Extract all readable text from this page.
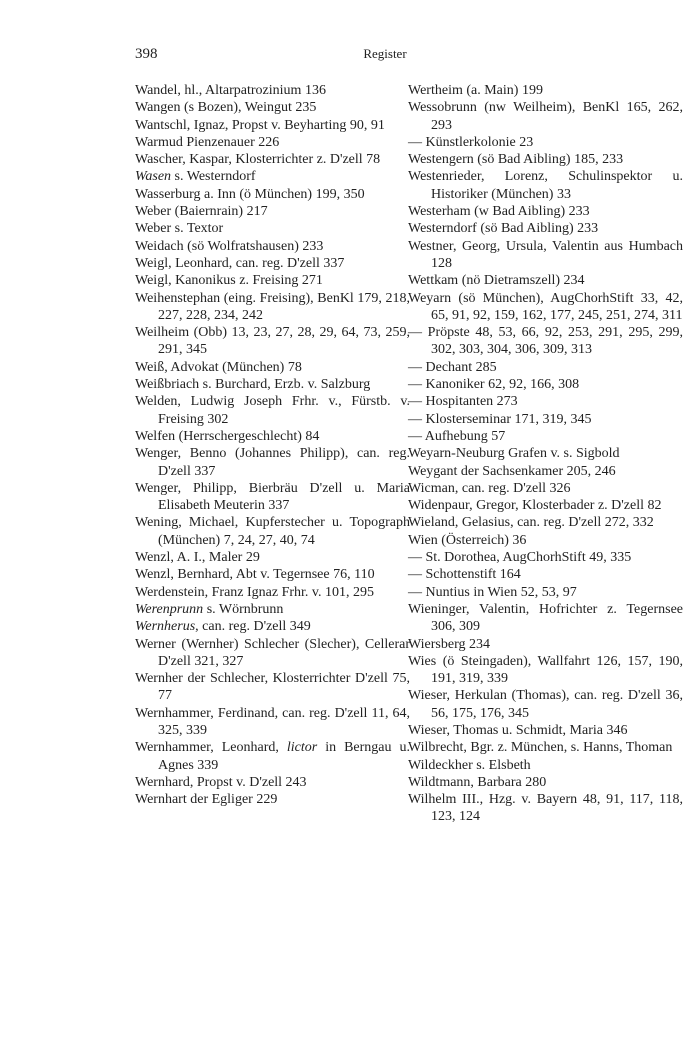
398	Register
Wandel, hl., Altarpatrozinium 136
Wangen (s Bozen), Weingut 235
Wantschl, Ignaz, Propst v. Beyharting 90, 91
Warmud Pienzenauer 226
Wascher, Kaspar, Klosterrichter z. D'zell 78
Wasen s. Westerndorf
Wasserburg a. Inn (ö München) 199, 350
Weber (Baiernrain) 217
Weber s. Textor
Weidach (sö Wolfratshausen) 233
Weigl, Leonhard, can. reg. D'zell 337
Weigl, Kanonikus z. Freising 271
Weihenstephan (eing. Freising), BenKl 179, 218, 227, 228, 234, 242
Weilheim (Obb) 13, 23, 27, 28, 29, 64, 73, 259, 291, 345
Weiß, Advokat (München) 78
Weißbriach s. Burchard, Erzb. v. Salzburg
Welden, Ludwig Joseph Frhr. v., Fürstb. v. Freising 302
Welfen (Herrschergeschlecht) 84
Wenger, Benno (Johannes Philipp), can. reg. D'zell 337
Wenger, Philipp, Bierbräu D'zell u. Maria Elisabeth Meuterin 337
Wening, Michael, Kupferstecher u. Topograph (München) 7, 24, 27, 40, 74
Wenzl, A. I., Maler 29
Wenzl, Bernhard, Abt v. Tegernsee 76, 110
Werdenstein, Franz Ignaz Frhr. v. 101, 295
Werenprunn s. Wörnbrunn
Wernherus, can. reg. D'zell 349
Werner (Wernher) Schlecher (Slecher), Cellerar D'zell 321, 327
Wernher der Schlecher, Klosterrichter D'zell 75, 77
Wernhammer, Ferdinand, can. reg. D'zell 11, 64, 325, 339
Wernhammer, Leonhard, lictor in Berngau u. Agnes 339
Wernhard, Propst v. D'zell 243
Wernhart der Egliger 229
Wertheim (a. Main) 199
Wessobrunn (nw Weilheim), BenKl 165, 262, 293
— Künstlerkolonie 23
Westengern (sö Bad Aibling) 185, 233
Westenrieder, Lorenz, Schulinspektor u. Historiker (München) 33
Westerham (w Bad Aibling) 233
Westerndorf (sö Bad Aibling) 233
Westner, Georg, Ursula, Valentin aus Humbach 128
Wettkam (nö Dietramszell) 234
Weyarn (sö München), AugChorhStift 33, 42, 65, 91, 92, 159, 162, 177, 245, 251, 274, 311
— Pröpste 48, 53, 66, 92, 253, 291, 295, 299, 302, 303, 304, 306, 309, 313
— Dechant 285
— Kanoniker 62, 92, 166, 308
— Hospitanten 273
— Klosterseminar 171, 319, 345
— Aufhebung 57
Weyarn-Neuburg Grafen v. s. Sigbold
Weygant der Sachsenkamer 205, 246
Wicman, can. reg. D'zell 326
Widenpaur, Gregor, Klosterbader z. D'zell 82
Wieland, Gelasius, can. reg. D'zell 272, 332
Wien (Österreich) 36
— St. Dorothea, AugChorhStift 49, 335
— Schottenstift 164
— Nuntius in Wien 52, 53, 97
Wieninger, Valentin, Hofrichter z. Tegernsee 306, 309
Wiersberg 234
Wies (ö Steingaden), Wallfahrt 126, 157, 190, 191, 319, 339
Wieser, Herkulan (Thomas), can. reg. D'zell 36, 56, 175, 176, 345
Wieser, Thomas u. Schmidt, Maria 346
Wilbrecht, Bgr. z. München, s. Hanns, Thoman
Wildeckher s. Elsbeth
Wildtmann, Barbara 280
Wilhelm III., Hzg. v. Bayern 48, 91, 117, 118, 123, 124
